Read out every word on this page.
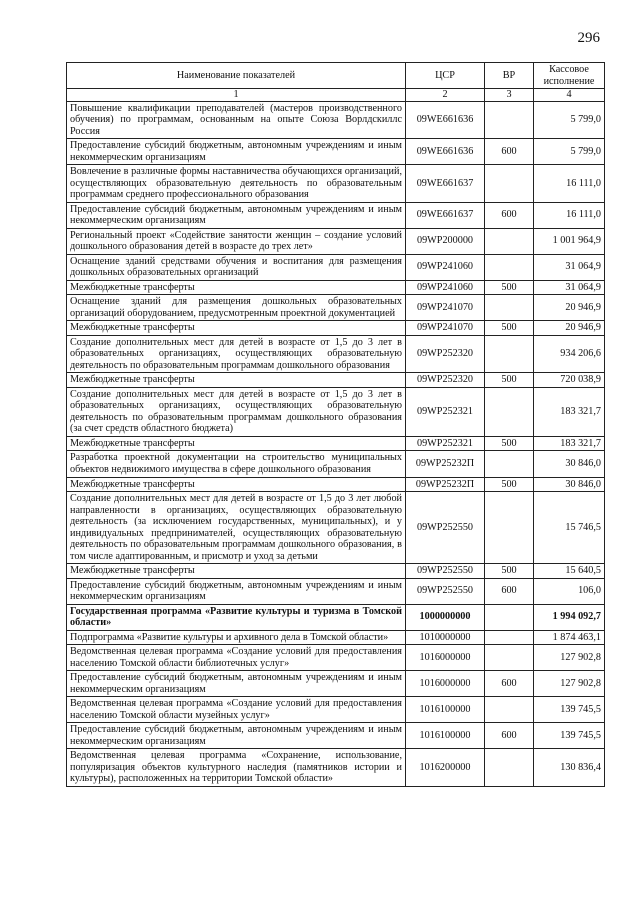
296
Наименование показателей	ЦСР	ВР	Кассовое исполнение
1	2	3	4
Повышение квалификации преподавателей (мастеров производственного обучения) по программам, основанным на опыте Союза Ворлдскиллс Россия	09WE661636		5 799,0
Предоставление субсидий бюджетным, автономным учреждениям и иным некоммерческим организациям	09WE661636	600	5 799,0
Вовлечение в различные формы наставничества обучающихся организаций, осуществляющих образовательную деятельность по образовательным программам среднего профессионального образования	09WE661637		16 111,0
Предоставление субсидий бюджетным, автономным учреждениям и иным некоммерческим организациям	09WE661637	600	16 111,0
Региональный проект «Содействие занятости женщин – создание условий дошкольного образования детей в возрасте до трех лет»	09WP200000		1 001 964,9
Оснащение зданий средствами обучения и воспитания для размещения дошкольных образовательных организаций	09WP241060		31 064,9
Межбюджетные трансферты	09WP241060	500	31 064,9
Оснащение зданий для размещения дошкольных образовательных организаций оборудованием, предусмотренным проектной документацией	09WP241070		20 946,9
Межбюджетные трансферты	09WP241070	500	20 946,9
Создание дополнительных мест для детей в возрасте от 1,5 до 3 лет в образовательных организациях, осуществляющих образовательную деятельность по образовательным программам дошкольного образования	09WP252320		934 206,6
Межбюджетные трансферты	09WP252320	500	720 038,9
Создание дополнительных мест для детей в возрасте от 1,5 до 3 лет в образовательных организациях, осуществляющих образовательную деятельность по образовательным программам дошкольного образования (за счет средств областного бюджета)	09WP252321		183 321,7
Межбюджетные трансферты	09WP252321	500	183 321,7
Разработка проектной документации на строительство муниципальных объектов недвижимого имущества в сфере дошкольного образования	09WP25232П		30 846,0
Межбюджетные трансферты	09WP25232П	500	30 846,0
Создание дополнительных мест для детей в возрасте от 1,5 до 3 лет любой направленности в организациях, осуществляющих образовательную деятельность (за исключением государственных, муниципальных), и у индивидуальных предпринимателей, осуществляющих образовательную деятельность по образовательным программам дошкольного образования, в том числе адаптированным, и присмотр и уход за детьми	09WP252550		15 746,5
Межбюджетные трансферты	09WP252550	500	15 640,5
Предоставление субсидий бюджетным, автономным учреждениям и иным некоммерческим организациям	09WP252550	600	106,0
Государственная программа «Развитие культуры и туризма в Томской области»	1000000000		1 994 092,7
Подпрограмма «Развитие культуры и архивного дела в Томской области»	1010000000		1 874 463,1
Ведомственная целевая программа «Создание условий для предоставления населению Томской области библиотечных услуг»	1016000000		127 902,8
Предоставление субсидий бюджетным, автономным учреждениям и иным некоммерческим организациям	1016000000	600	127 902,8
Ведомственная целевая программа «Создание условий для предоставления населению Томской области музейных услуг»	1016100000		139 745,5
Предоставление субсидий бюджетным, автономным учреждениям и иным некоммерческим организациям	1016100000	600	139 745,5
Ведомственная целевая программа «Сохранение, использование, популяризация объектов культурного наследия (памятников истории и культуры), расположенных на территории Томской области»	1016200000		130 836,4
